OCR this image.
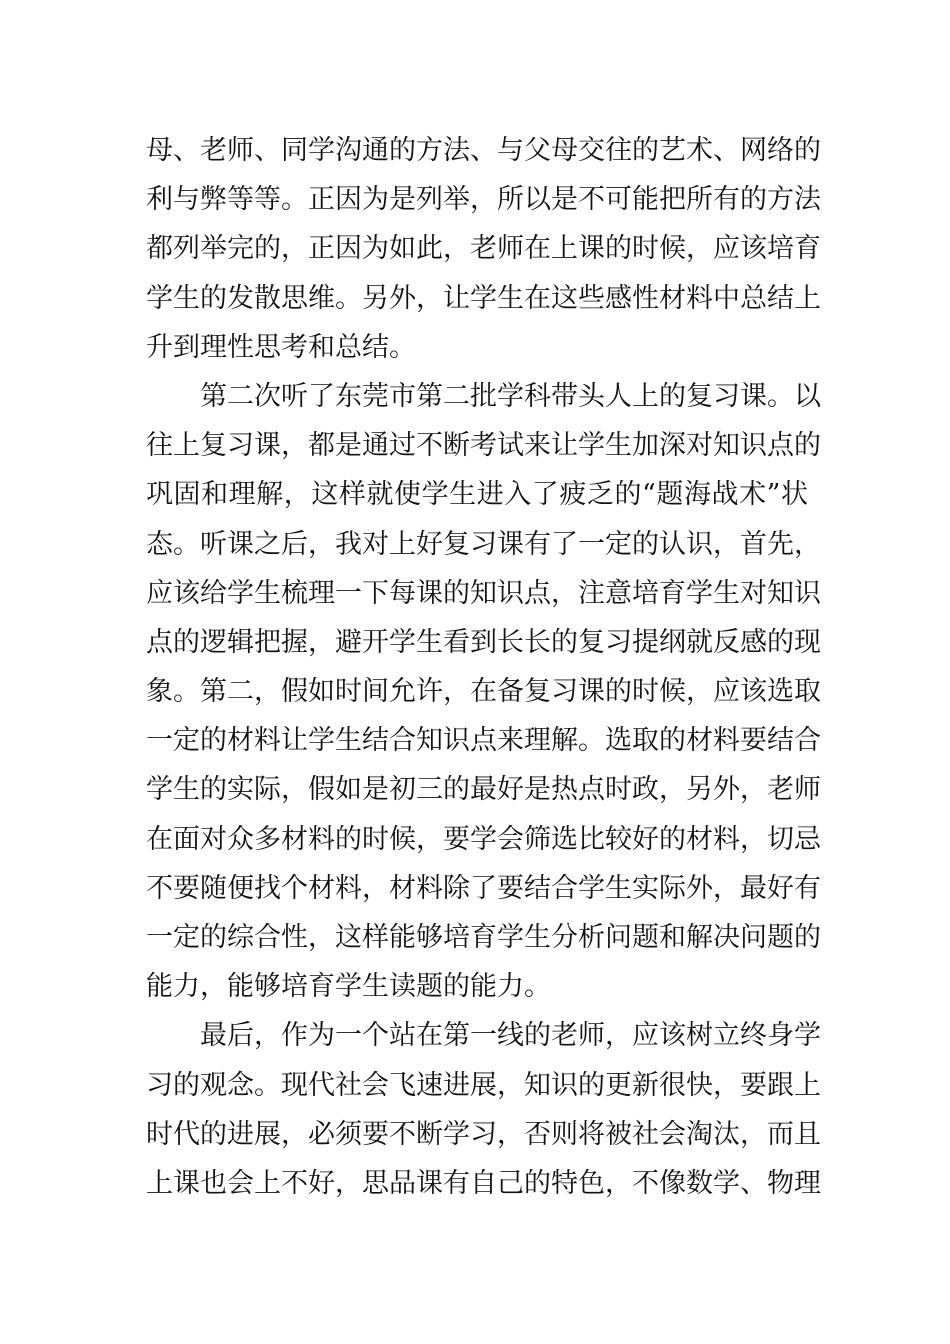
母、老师、同学沟通的方法、与父母交往的艺术、网络的
利与弊等等。正因为是列举，所以是不可能把所有的方法
都列举完的，正因为如此，老师在上课的时候，应该培育
学生的发散思维。另外，让学生在这些感性材料中总结上
升到理性思考和总结。
第二次听了东莞市第二批学科带头人上的复习课。以
往上复习课，都是通过不断考试来让学生加深对知识点的
巩固和理解，这样就使学生进入了疲乏的“题海战术”状
态。听课之后，我对上好复习课有了一定的认识，首先，
应该给学生梳理一下每课的知识点，注意培育学生对知识
点的逻辑把握，避开学生看到长长的复习提纲就反感的现
象。第二，假如时间允许，在备复习课的时候，应该选取
一定的材料让学生结合知识点来理解。选取的材料要结合
学生的实际，假如是初三的最好是热点时政，另外，老师
在面对众多材料的时候，要学会筛选比较好的材料，切忌
不要随便找个材料，材料除了要结合学生实际外，最好有
一定的综合性，这样能够培育学生分析问题和解决问题的
能力，能够培育学生读题的能力。
最后，作为一个站在第一线的老师，应该树立终身学
习的观念。现代社会飞速进展，知识的更新很快，要跟上
时代的进展，必须要不断学习，否则将被社会淘汰，而且
上课也会上不好，思品课有自己的特色，不像数学、物理
